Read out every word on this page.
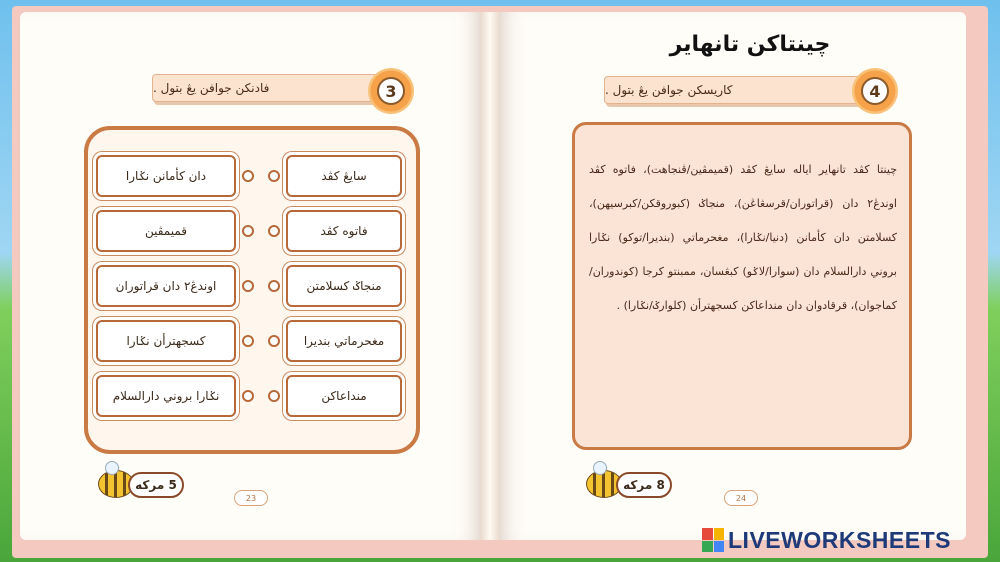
فادنکن جوافن يڠ بتول .	3
سايڠ کڤد
فاتوه کڤد
منجاݢ کسلامتن
مغحرماتي بنديرا
منداعاکن
دان کأمانن نݢارا
قميمڤين
اوندڠ٢ دان قراتوران
کسجهترأن نݢارا
نݢارا بروني دارالسلام
5 مرکه
23
چينتاکن تانهاير
کاريسکن جوافن يڠ بتول .	4

چينتا کڤد تانهاير اياله سايڠ کڤد (قميمڤين/ڤنجاهت)، فاتوه کڤد اوندڠ٢ دان (قراتوران/قرسڠاڠن)، منجاݢ (کبوروقکن/کبرسيهن)، کسلامتن دان کأمانن (دنيا/نݢارا)، مغحرماتي (بنديرا/توکو) نݢارا بروني دارالسلام دان (سوارا/لاݢو) کبڠسان، ممبنتو کرجا (کوندوران/کماجوان)، قرقادوان دان منداعاکن کسجهترأن (کلوارݢ/نݢارا) .

8 مرکه
24
LIVEWORKSHEETS
